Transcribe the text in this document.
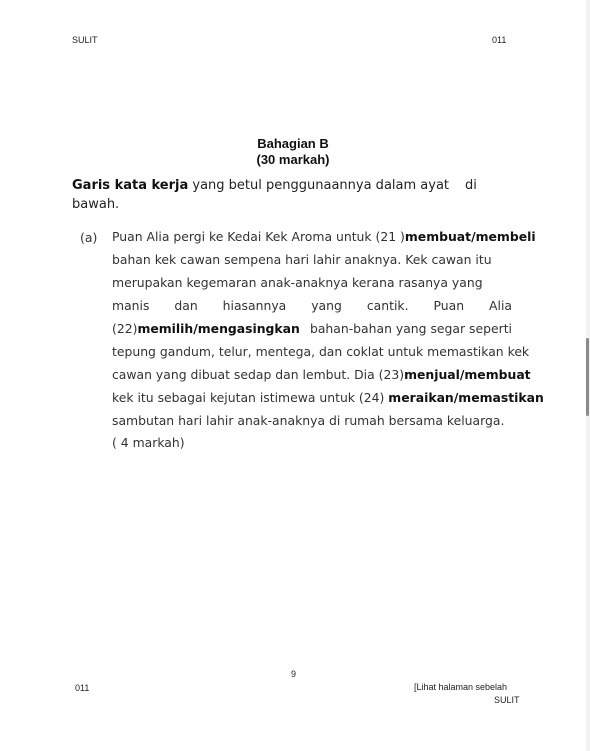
SULIT	011
Bahagian B
(30 markah)
Garis kata kerja yang betul penggunaannya dalam ayat di
bawah.
(a) Puan Alia pergi ke Kedai Kek Aroma untuk (21 )membuat/membeli
bahan kek cawan sempena hari lahir anaknya. Kek cawan itu
merupakan kegemaran anak-anaknya kerana rasanya yang
manis dan hiasannya yang cantik. Puan Alia
(22)memilih/mengasingkan bahan-bahan yang segar seperti
tepung gandum, telur, mentega, dan coklat untuk memastikan kek
cawan yang dibuat sedap dan lembut. Dia (23)menjual/membuat
kek itu sebagai kejutan istimewa untuk (24) meraikan/memastikan
sambutan hari lahir anak-anaknya di rumah bersama keluarga.
( 4 markah)
9
011	[Lihat halaman sebelah
SULIT
